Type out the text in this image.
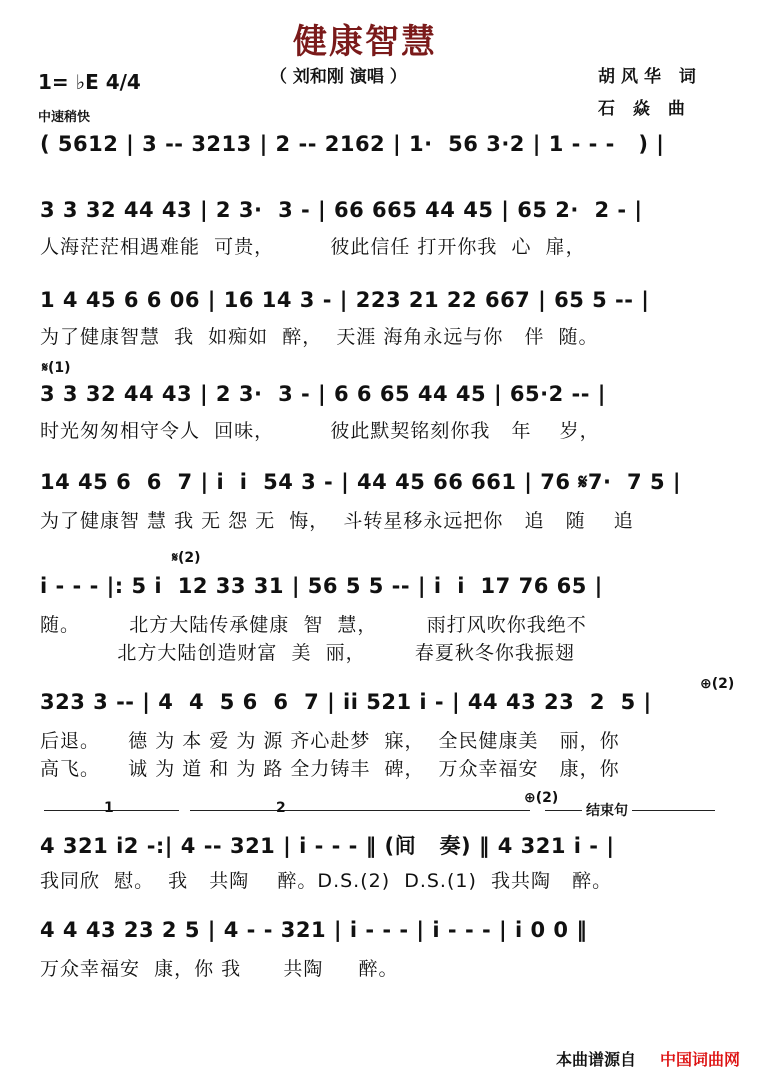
健康智慧
（ 刘和刚 演唱 ）	胡风华 词
石 焱 曲
1= ♭E 4/4
中速稍快
( 5612 | 3 -- 3213 | 2 -- 2162 | 1·  56 3·2 | 1 - - -   ) |
3 3 32 44 43 | 2 3·  3 - | 66 665 44 45 | 65 2·  2 - |
人海茫茫相遇难能  可贵，        彼此信任 打开你我  心  扉，
1 4 45 6 6 06 | 16 14 3 - | 223 21 22 667 | 65 5 -- |
为了健康智慧  我  如痴如  醉，  天涯 海角永远与你   伴  随。
𝄋(1)
3 3 32 44 43 | 2 3·  3 - | 6 6 65 44 45 | 65·2 -- |
时光匆匆相守令人  回味，        彼此默契铭刻你我   年    岁，
14 45 6  6  7 | i  i  54 3 - | 44 45 66 661 | 76 𝄋7·  7 5 |
为了健康智 慧 我 无 怨 无  悔，  斗转星移永远把你   追   随    追
𝄋(2)
i - - - |: 5 i  12 33 31 | 56 5 5 -- | i  i  17 76 65 |
随。       北方大陆传承健康  智  慧，       雨打风吹你我绝不
北方大陆创造财富  美  丽，       春夏秋冬你我振翅
⊕(2)
323 3 -- | 4  4  5 6  6  7 | ii 521 i - | 44 43 23  2  5 |
后退。    德 为 本 爱 为 源 齐心赴梦  寐，  全民健康美   丽，你
高飞。    诚 为 道 和 为 路 全力铸丰  碑，  万众幸福安   康，你
1	2
⊕(2)
结束句
4 321 i2 -:| 4 -- 321 | i - - - ‖ (间   奏) ‖ 4 321 i - |
我同欣  慰。  我   共陶    醉。D.S.(2)  D.S.(1)  我共陶   醉。
4 4 43 23 2 5 | 4 - - 321 | i - - - | i - - - | i 0 0 ‖
万众幸福安  康，你 我      共陶     醉。
本曲谱源自 中国词曲网
